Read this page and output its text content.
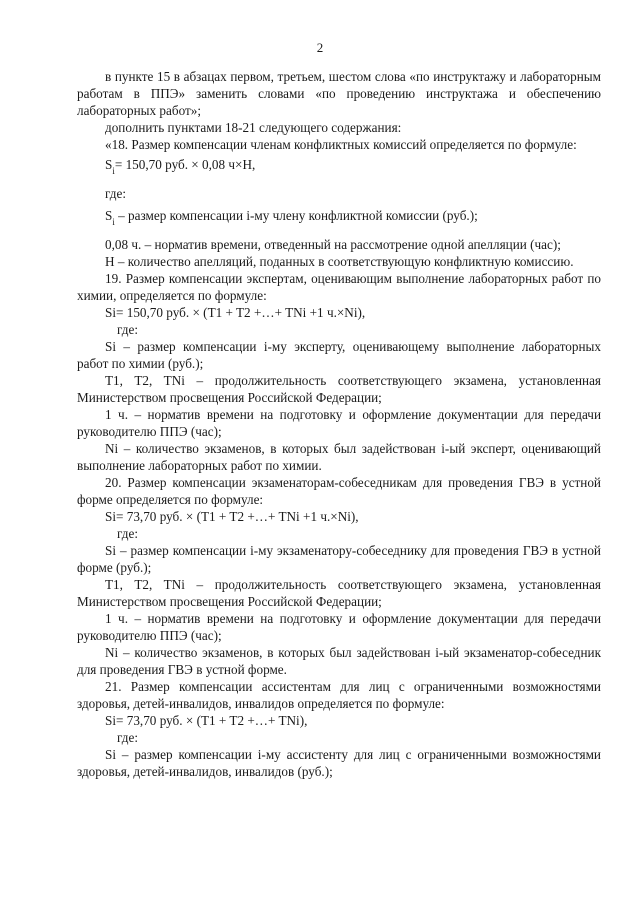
2

в пункте 15 в абзацах первом, третьем, шестом слова «по инструктажу и лабораторным работам в ППЭ» заменить словами «по проведению инструктажа и обеспечению лабораторных работ»;

дополнить пунктами 18-21 следующего содержания:

«18. Размер компенсации членам конфликтных комиссий определяется по формуле:

$S_i= 150,70$ руб. × 0,08 ч×Н,

где:

$S_i$ – размер компенсации i-му члену конфликтной комиссии (руб.);

0,08 ч. – норматив времени, отведенный на рассмотрение одной апелляции (час);

Н – количество апелляций, поданных в соответствующую конфликтную комиссию.

19. Размер компенсации экспертам, оценивающим выполнение лабораторных работ по химии, определяется по формуле:

Si= 150,70 руб. × (T1 + T2 +…+ TNi +1 ч.×Ni),

где:

Si – размер компенсации i-му эксперту, оценивающему выполнение лабораторных работ по химии (руб.);

T1, T2, TNi – продолжительность соответствующего экзамена, установленная Министерством просвещения Российской Федерации;

1 ч. – норматив времени на подготовку и оформление документации для передачи руководителю ППЭ (час);

Ni – количество экзаменов, в которых был задействован i-ый эксперт, оценивающий выполнение лабораторных работ по химии.

20. Размер компенсации экзаменаторам-собеседникам для проведения ГВЭ в устной форме определяется по формуле:

Si= 73,70 руб. × (T1 + T2 +…+ TNi +1 ч.×Ni),

где:

Si – размер компенсации i-му экзаменатору-собеседнику для проведения ГВЭ в устной форме (руб.);

T1, T2, TNi – продолжительность соответствующего экзамена, установленная Министерством просвещения Российской Федерации;

1 ч. – норматив времени на подготовку и оформление документации для передачи руководителю ППЭ (час);

Ni – количество экзаменов, в которых был задействован i-ый экзаменатор-собеседник для проведения ГВЭ в устной форме.

21. Размер компенсации ассистентам для лиц с ограниченными возможностями здоровья, детей-инвалидов, инвалидов определяется по формуле:

Si= 73,70 руб. × (T1 + T2 +…+ TNi),

где:

Si – размер компенсации i-му ассистенту для лиц с ограниченными возможностями здоровья, детей-инвалидов, инвалидов (руб.);
